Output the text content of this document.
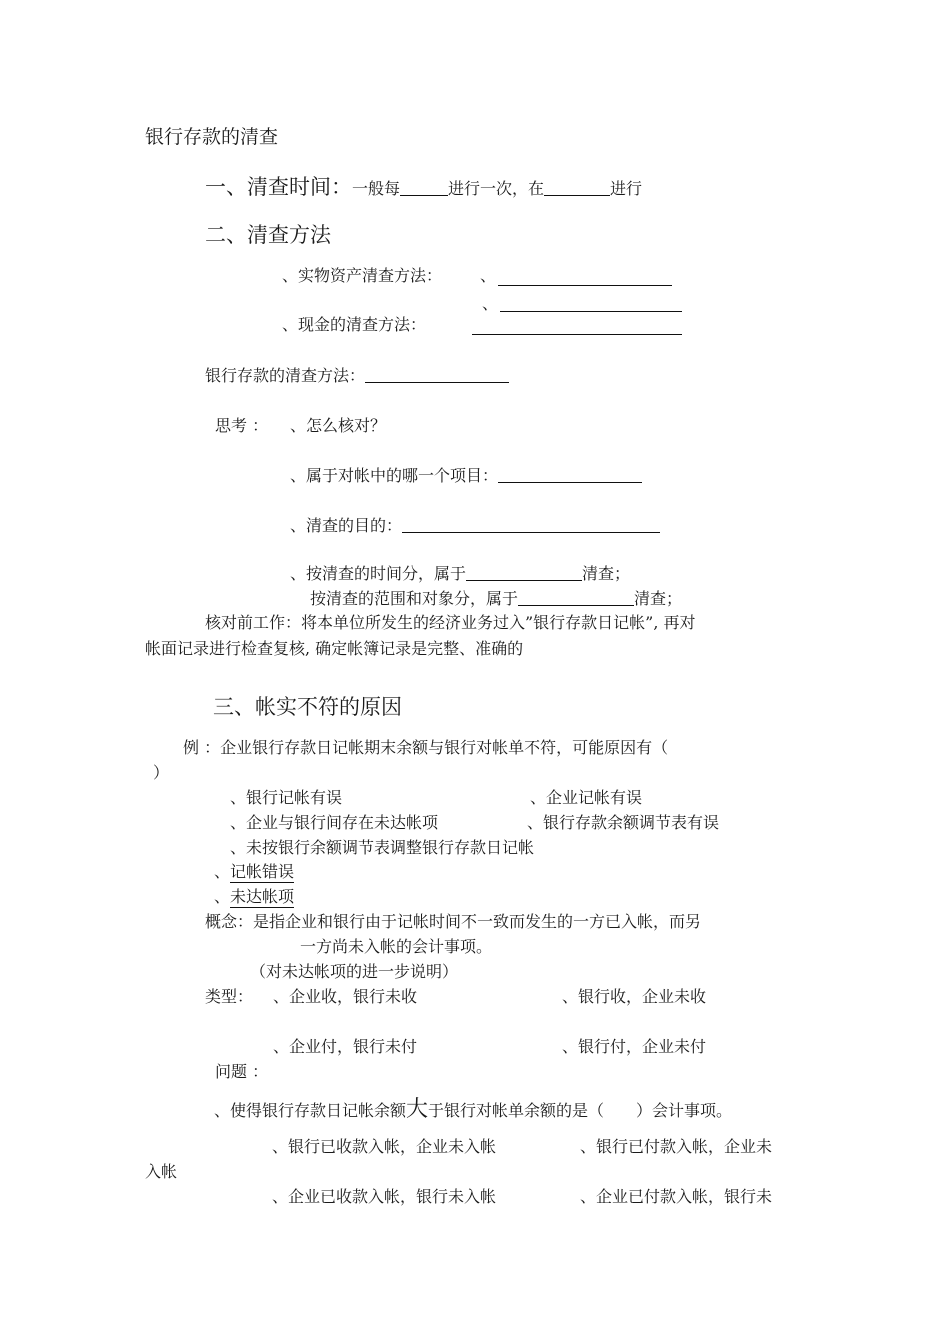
银行存款的清查
一、清查时间：一般每	进行一次，在	进行
二、清查方法
、实物资产清查方法： 、
、
、现金的清查方法：
银行存款的清查方法：
思考 ： 、怎么核对？
、属于对帐中的哪一个项目：
、清查的目的：
、按清查的时间分，属于	清查；
按清查的范围和对象分，属于	清查；
核对前工作：将本单位所发生的经济业务过入”银行存款日记帐”, 再对
帐面记录进行检查复核, 确定帐簿记录是完整、准确的
三、帐实不符的原因
例 ：企业银行存款日记帐期末余额与银行对帐单不符，可能原因有（
）
、银行记帐有误	、企业记帐有误
、企业与银行间存在未达帐项	、银行存款余额调节表有误
、未按银行余额调节表调整银行存款日记帐
、记帐错误
、未达帐项
概念：是指企业和银行由于记帐时间不一致而发生的一方已入帐，而另
一方尚未入帐的会计事项。
（对未达帐项的进一步说明）
类型： 、企业收，银行未收	、银行收，企业未收
、企业付，银行未付	、银行付，企业未付
问题 ：
、使得银行存款日记帐余额大于银行对帐单余额的是（　　）会计事项。
、银行已收款入帐，企业未入帐	、银行已付款入帐，企业未
入帐
、企业已收款入帐，银行未入帐	、企业已付款入帐，银行未
